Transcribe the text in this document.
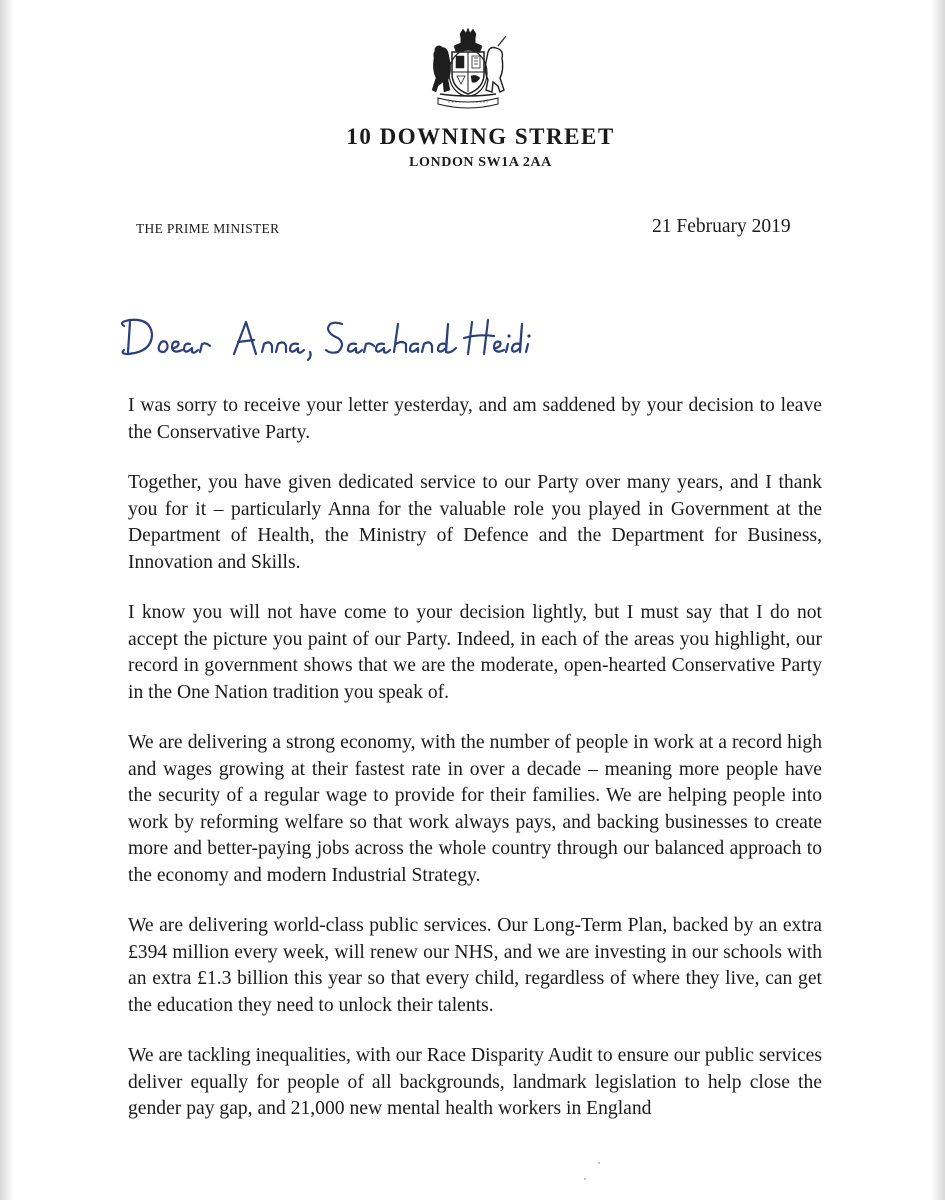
10 DOWNING STREET
LONDON SW1A 2AA
THE PRIME MINISTER	21 February 2019

I was sorry to receive your letter yesterday, and am saddened by your decision to leave the Conservative Party.

Together, you have given dedicated service to our Party over many years, and I thank you for it – particularly Anna for the valuable role you played in Government at the Department of Health, the Ministry of Defence and the Department for Business, Innovation and Skills.

I know you will not have come to your decision lightly, but I must say that I do not accept the picture you paint of our Party. Indeed, in each of the areas you highlight, our record in government shows that we are the moderate, open-hearted Conservative Party in the One Nation tradition you speak of.

We are delivering a strong economy, with the number of people in work at a record high and wages growing at their fastest rate in over a decade – meaning more people have the security of a regular wage to provide for their families. We are helping people into work by reforming welfare so that work always pays, and backing businesses to create more and better-paying jobs across the whole country through our balanced approach to the economy and modern Industrial Strategy.

We are delivering world-class public services. Our Long-Term Plan, backed by an extra £394 million every week, will renew our NHS, and we are investing in our schools with an extra £1.3 billion this year so that every child, regardless of where they live, can get the education they need to unlock their talents.

We are tackling inequalities, with our Race Disparity Audit to ensure our public services deliver equally for people of all backgrounds, landmark legislation to help close the gender pay gap, and 21,000 new mental health workers in England
